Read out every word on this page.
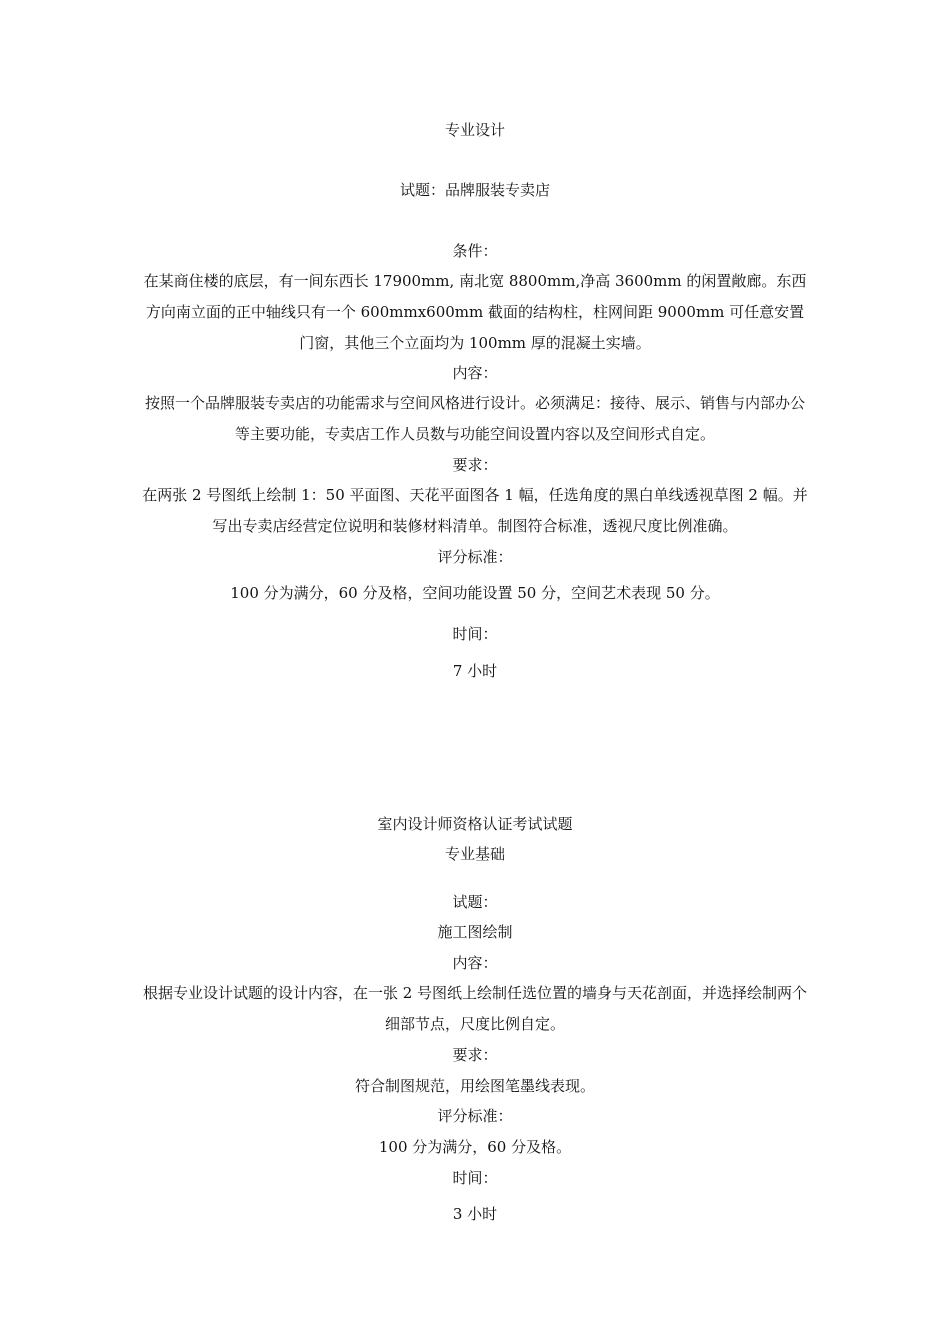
专业设计
试题：品牌服装专卖店
条件：
在某商住楼的底层，有一间东西长 17900mm, 南北宽 8800mm,净高 3600mm 的闲置敞廊。东西方向南立面的正中轴线只有一个 600mmx600mm 截面的结构柱，柱网间距 9000mm 可任意安置门窗，其他三个立面均为 100mm 厚的混凝土实墙。
内容：
按照一个品牌服装专卖店的功能需求与空间风格进行设计。必须满足：接待、展示、销售与内部办公等主要功能，专卖店工作人员数与功能空间设置内容以及空间形式自定。
要求：
在两张 2 号图纸上绘制 1：50 平面图、天花平面图各 1 幅，任选角度的黑白单线透视草图 2 幅。并写出专卖店经营定位说明和装修材料清单。制图符合标准，透视尺度比例准确。
评分标准：
100 分为满分，60 分及格，空间功能设置 50 分，空间艺术表现 50 分。
时间：
7 小时
室内设计师资格认证考试试题
专业基础
试题：
施工图绘制
内容：
根据专业设计试题的设计内容，在一张 2 号图纸上绘制任选位置的墙身与天花剖面，并选择绘制两个细部节点，尺度比例自定。
要求：
符合制图规范，用绘图笔墨线表现。
评分标准：
100 分为满分，60 分及格。
时间：
3 小时
